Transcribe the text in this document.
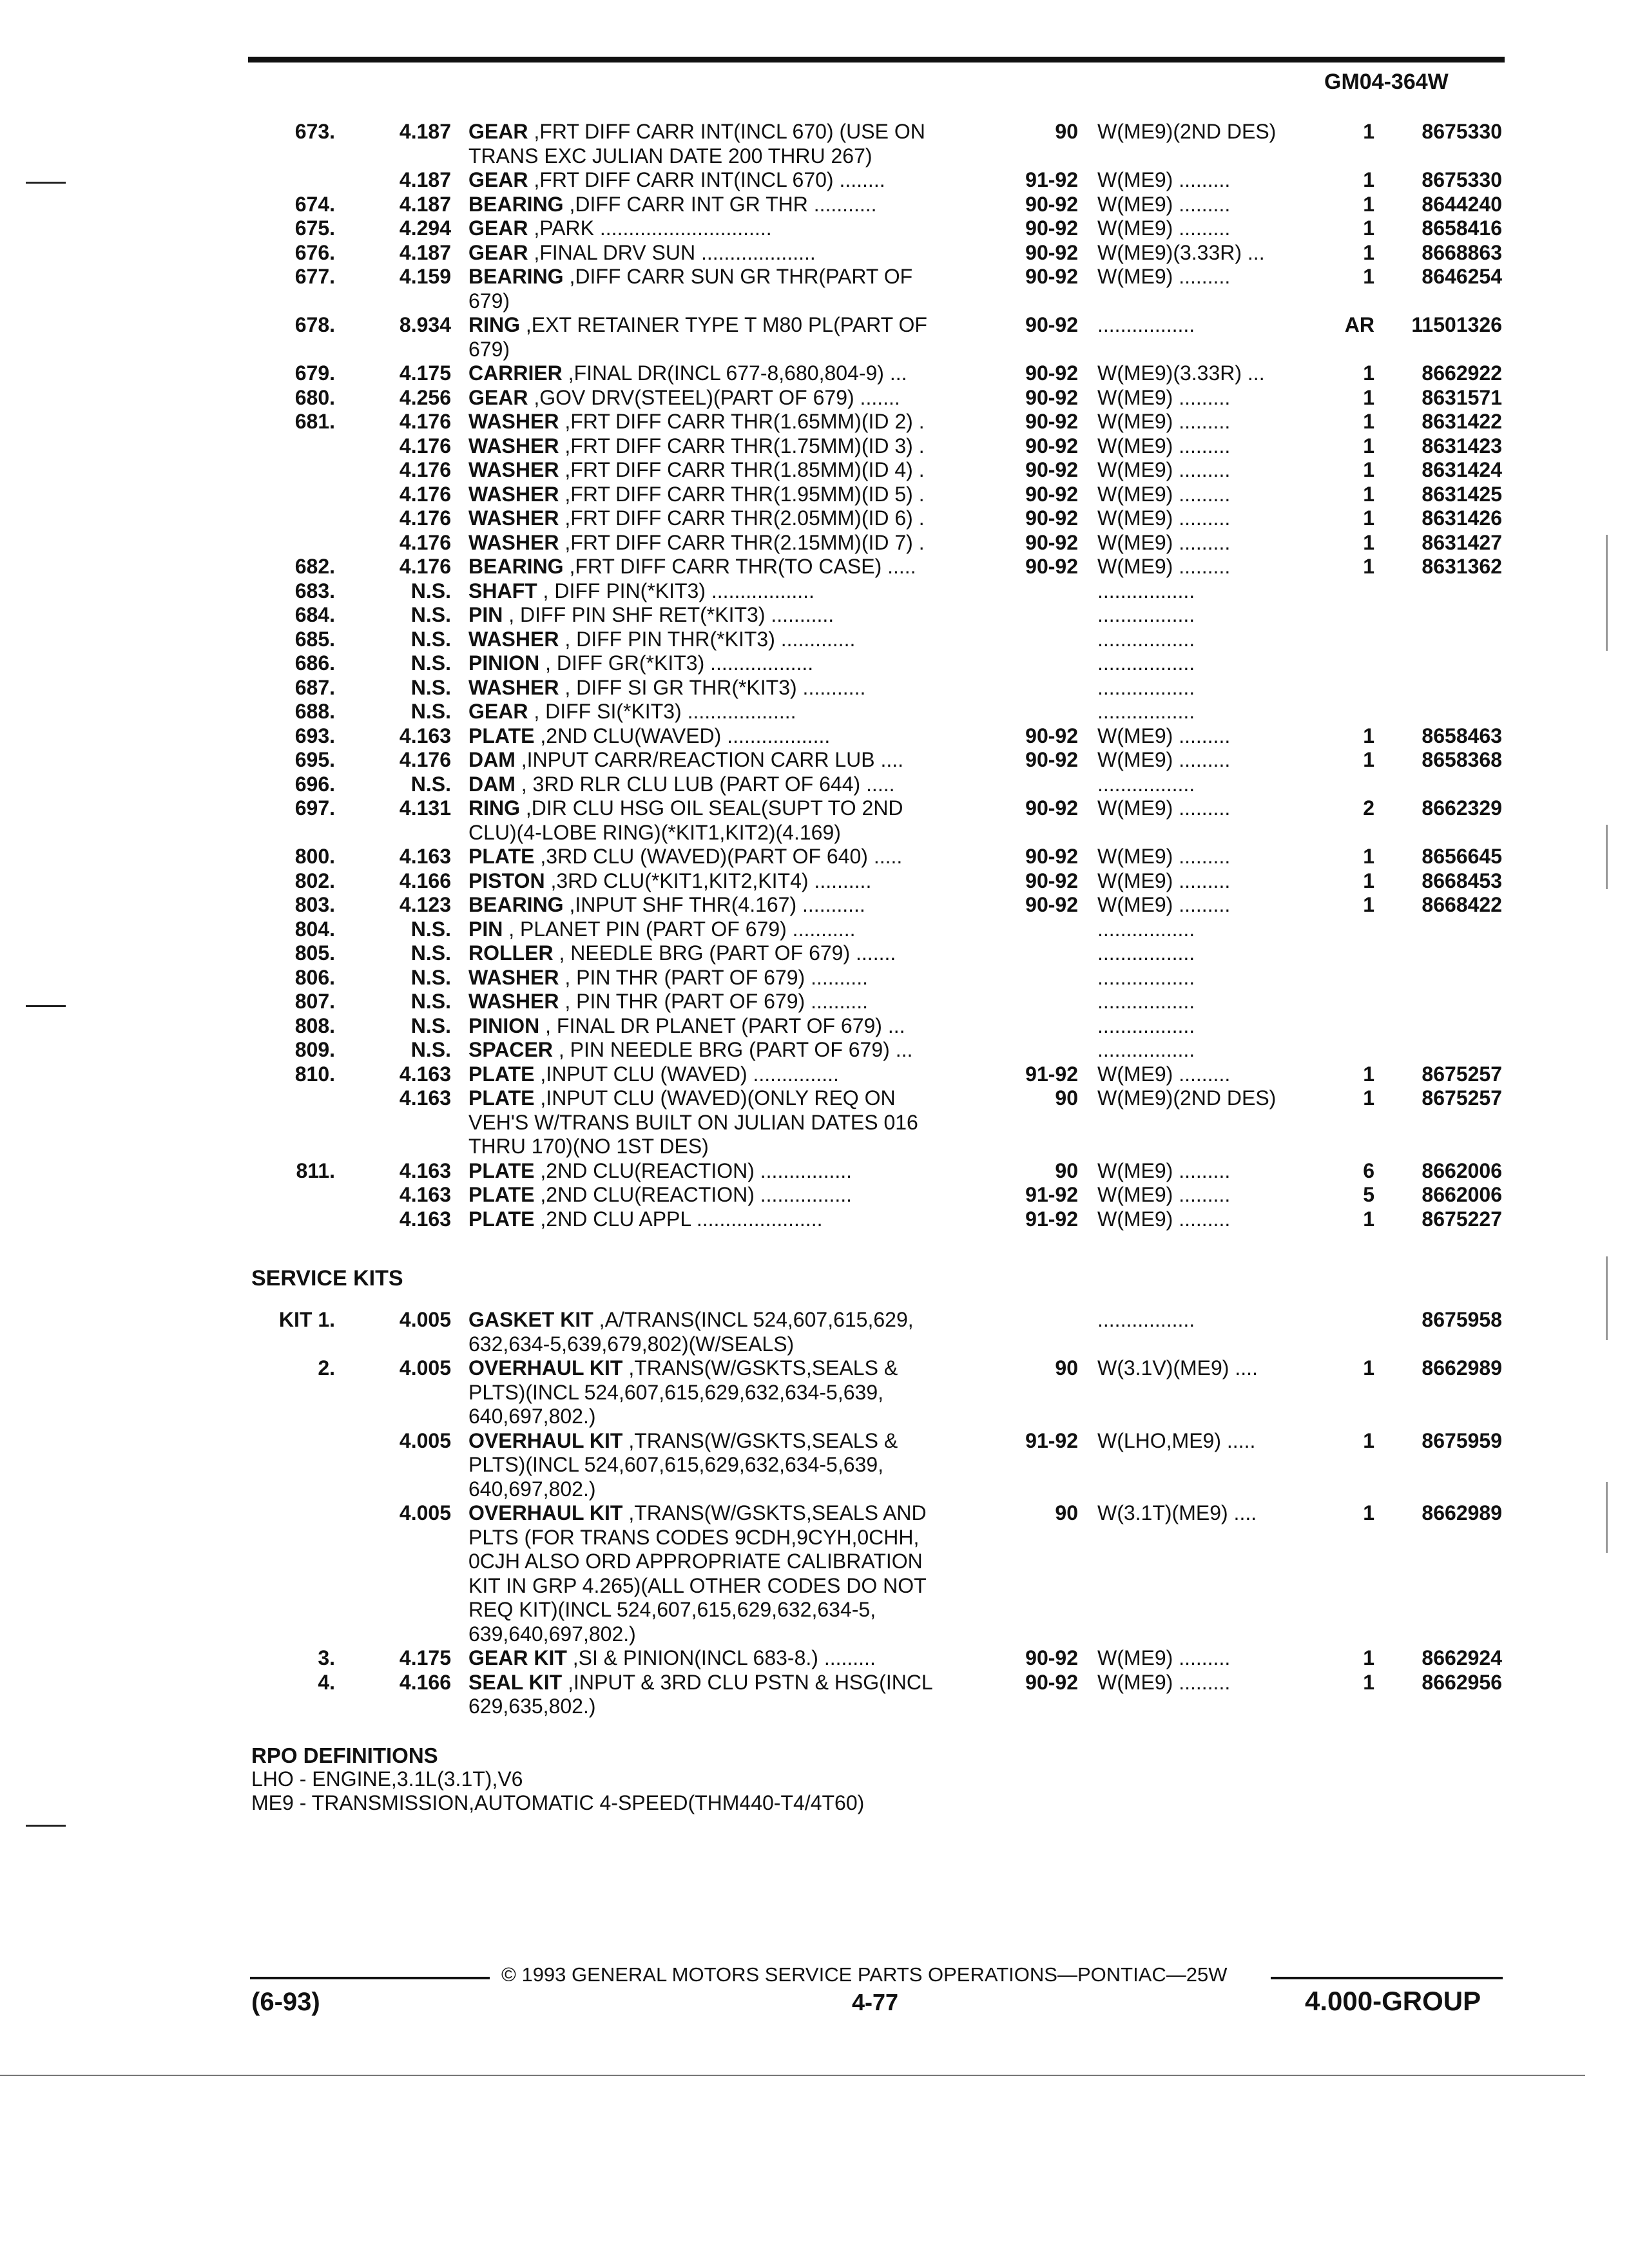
GM04-364W
673.	4.187 GEAR ,FRT DIFF CARR INT(INCL 670) (USE ON
TRANS EXC JULIAN DATE 200 THRU 267)
90 W(ME9)(2ND DES)	1 8675330
4.187 GEAR ,FRT DIFF CARR INT(INCL 670) ........	91-92 W(ME9) .........	1 8675330
674.	4.187 BEARING ,DIFF CARR INT GR THR ...........	90-92 W(ME9) .........	1 8644240
675.	4.294 GEAR ,PARK ..............................	90-92 W(ME9) .........	1 8658416
676.	4.187 GEAR ,FINAL DRV SUN ....................	90-92 W(ME9)(3.33R) ...	1 8668863
677.	4.159 BEARING ,DIFF CARR SUN GR THR(PART OF
679)
90-92 W(ME9) .........	1 8646254
678.	8.934 RING ,EXT RETAINER TYPE T M80 PL(PART OF
679)
90-92 .................	AR 11501326
679.	4.175 CARRIER ,FINAL DR(INCL 677-8,680,804-9) ...	90-92 W(ME9)(3.33R) ...	1 8662922
680.	4.256 GEAR ,GOV DRV(STEEL)(PART OF 679) .......	90-92 W(ME9) .........	1 8631571
681.	4.176 WASHER ,FRT DIFF CARR THR(1.65MM)(ID 2) .	90-92 W(ME9) .........	1 8631422
4.176 WASHER ,FRT DIFF CARR THR(1.75MM)(ID 3) .	90-92 W(ME9) .........	1 8631423
4.176 WASHER ,FRT DIFF CARR THR(1.85MM)(ID 4) .	90-92 W(ME9) .........	1 8631424
4.176 WASHER ,FRT DIFF CARR THR(1.95MM)(ID 5) .	90-92 W(ME9) .........	1 8631425
4.176 WASHER ,FRT DIFF CARR THR(2.05MM)(ID 6) .	90-92 W(ME9) .........	1 8631426
4.176 WASHER ,FRT DIFF CARR THR(2.15MM)(ID 7) .	90-92 W(ME9) .........	1 8631427
682.	4.176 BEARING ,FRT DIFF CARR THR(TO CASE) .....	90-92 W(ME9) .........	1 8631362
683.	N.S. SHAFT , DIFF PIN(*KIT3) ..................	.................
684.	N.S. PIN , DIFF PIN SHF RET(*KIT3) ...........	.................
685.	N.S. WASHER , DIFF PIN THR(*KIT3) .............	.................
686.	N.S. PINION , DIFF GR(*KIT3) ..................	.................
687.	N.S. WASHER , DIFF SI GR THR(*KIT3) ...........	.................
688.	N.S. GEAR , DIFF SI(*KIT3) ...................	.................
693.	4.163 PLATE ,2ND CLU(WAVED) ..................	90-92 W(ME9) .........	1 8658463
695.	4.176 DAM ,INPUT CARR/REACTION CARR LUB ....	90-92 W(ME9) .........	1 8658368
696.	N.S. DAM , 3RD RLR CLU LUB (PART OF 644) .....	.................
697.	4.131 RING ,DIR CLU HSG OIL SEAL(SUPT TO 2ND
CLU)(4-LOBE RING)(*KIT1,KIT2)(4.169)
90-92 W(ME9) .........	2 8662329
800.	4.163 PLATE ,3RD CLU (WAVED)(PART OF 640) .....	90-92 W(ME9) .........	1 8656645
802.	4.166 PISTON ,3RD CLU(*KIT1,KIT2,KIT4) ..........	90-92 W(ME9) .........	1 8668453
803.	4.123 BEARING ,INPUT SHF THR(4.167) ...........	90-92 W(ME9) .........	1 8668422
804.	N.S. PIN , PLANET PIN (PART OF 679) ...........	.................
805.	N.S. ROLLER , NEEDLE BRG (PART OF 679) .......	.................
806.	N.S. WASHER , PIN THR (PART OF 679) ..........	.................
807.	N.S. WASHER , PIN THR (PART OF 679) ..........	.................
808.	N.S. PINION , FINAL DR PLANET (PART OF 679) ...	.................
809.	N.S. SPACER , PIN NEEDLE BRG (PART OF 679) ...	.................
810.	4.163 PLATE ,INPUT CLU (WAVED) ...............	91-92 W(ME9) .........	1 8675257
4.163 PLATE ,INPUT CLU (WAVED)(ONLY REQ ON
VEH'S W/TRANS BUILT ON JULIAN DATES 016
THRU 170)(NO 1ST DES)
90 W(ME9)(2ND DES)	1 8675257
811.	4.163 PLATE ,2ND CLU(REACTION) ................	90 W(ME9) .........	6 8662006
4.163 PLATE ,2ND CLU(REACTION) ................	91-92 W(ME9) .........	5 8662006
4.163 PLATE ,2ND CLU APPL ......................	91-92 W(ME9) .........	1 8675227
SERVICE KITS
KIT 1.	4.005 GASKET KIT ,A/TRANS(INCL 524,607,615,629,
632,634-5,639,679,802)(W/SEALS)
.................	8675958
2.	4.005 OVERHAUL KIT ,TRANS(W/GSKTS,SEALS &
PLTS)(INCL 524,607,615,629,632,634-5,639,
640,697,802.)
90 W(3.1V)(ME9) ....	1 8662989
4.005 OVERHAUL KIT ,TRANS(W/GSKTS,SEALS &
PLTS)(INCL 524,607,615,629,632,634-5,639,
640,697,802.)
91-92 W(LHO,ME9) .....	1 8675959
4.005 OVERHAUL KIT ,TRANS(W/GSKTS,SEALS AND
PLTS (FOR TRANS CODES 9CDH,9CYH,0CHH,
0CJH ALSO ORD APPROPRIATE CALIBRATION
KIT IN GRP 4.265)(ALL OTHER CODES DO NOT
REQ KIT)(INCL 524,607,615,629,632,634-5,
639,640,697,802.)
90 W(3.1T)(ME9) ....	1 8662989
3.	4.175 GEAR KIT ,SI & PINION(INCL 683-8.) .........	90-92 W(ME9) .........	1 8662924
4.	4.166 SEAL KIT ,INPUT & 3RD CLU PSTN & HSG(INCL
629,635,802.)
90-92 W(ME9) .........	1 8662956
RPO DEFINITIONS
LHO - ENGINE,3.1L(3.1T),V6
ME9 - TRANSMISSION,AUTOMATIC 4-SPEED(THM440-T4/4T60)
© 1993 GENERAL MOTORS SERVICE PARTS OPERATIONS—PONTIAC—25W
(6-93)	4-77	4.000-GROUP
